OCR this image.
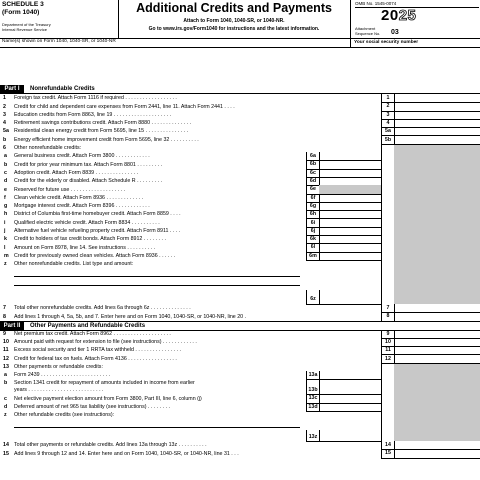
SCHEDULE 3
(Form 1040)
Department of the Treasury
Internal Revenue Service
Additional Credits and Payments
Attach to Form 1040, 1040-SR, or 1040-NR.
Go to www.irs.gov/Form1040 for instructions and the latest information.
OMB No. 1545-0074
2025
Attachment
Sequence No. 03
Name(s) shown on Form 1040, 1040-SR, or 1040-NR	Your social security number
Part I	Nonrefundable Credits
1 Foreign tax credit. Attach Form 1116 if required . . . . . . . . . . . . . . . . . .	1
2 Credit for child and dependent care expenses from Form 2441, line 11. Attach Form 2441 . . . .	2
3 Education credits from Form 8863, line 19 . . . . . . . . . . . . . . . . . . . .	3
4 Retirement savings contributions credit. Attach Form 8880 . . . . . . . . . . . . . .	4
5a Residential clean energy credit from Form 5695, line 15 . . . . . . . . . . . . . . .	5a
b Energy efficient home improvement credit from Form 5695, line 32 . . . . . . . . . .	5b
6 Other nonrefundable credits:
a General business credit. Attach Form 3800 . . . . . . . . . . . .	6a
b Credit for prior year minimum tax. Attach Form 8801 . . . . . . . . .	6b
c Adoption credit. Attach Form 8839 . . . . . . . . . . . . . . .	6c
d Credit for the elderly or disabled. Attach Schedule R . . . . . . . . .	6d
e Reserved for future use . . . . . . . . . . . . . . . . . . .	6e
f Clean vehicle credit. Attach Form 8936 . . . . . . . . . . . . .	6f
g Mortgage interest credit. Attach Form 8396 . . . . . . . . . . . .	6g
h District of Columbia first-time homebuyer credit. Attach Form 8859 . . . .	6h
i Qualified electric vehicle credit. Attach Form 8834 . . . . . . . . . .	6i
j Alternative fuel vehicle refueling property credit. Attach Form 8911 . . . .	6j
k Credit to holders of tax credit bonds. Attach Form 8912 . . . . . . . .	6k
l Amount on Form 8978, line 14. See instructions . . . . . . . . . .	6l
m Credit for previously owned clean vehicles. Attach Form 8936 . . . . . .	6m
z Other nonrefundable credits. List type and amount:
6z
7 Total other nonrefundable credits. Add lines 6a through 6z . . . . . . . . . . . . . .	7
8 Add lines 1 through 4, 5a, 5b, and 7. Enter here and on Form 1040, 1040-SR, or 1040-NR, line 20 .	8
Part II	Other Payments and Refundable Credits
9 Net premium tax credit. Attach Form 8962 . . . . . . . . . . . . . . . . . . . .	9
10 Amount paid with request for extension to file (see instructions) . . . . . . . . . . . .	10
11 Excess social security and tier 1 RRTA tax withheld . . . . . . . . . . . . . . . .	11
12 Credit for federal tax on fuels. Attach Form 4136 . . . . . . . . . . . . . . . . .	12
13 Other payments or refundable credits:
a Form 2439 . . . . . . . . . . . . . . . . . . . . . . . .	13a
b Section 1341 credit for repayment of amounts included in income from earlier
years . . . . . . . . . . . . . . . . . . . . . . . . . .	13b
c Net elective payment election amount from Form 3800, Part III, line 6, column (j)	13c
d Deferred amount of net 965 tax liability (see instructions) . . . . . . . .	13d
z Other refundable credits (see instructions):
13z
14 Total other payments or refundable credits. Add lines 13a through 13z . . . . . . . . . .	14
15 Add lines 9 through 12 and 14. Enter here and on Form 1040, 1040-SR, or 1040-NR, line 31 . . .	15
